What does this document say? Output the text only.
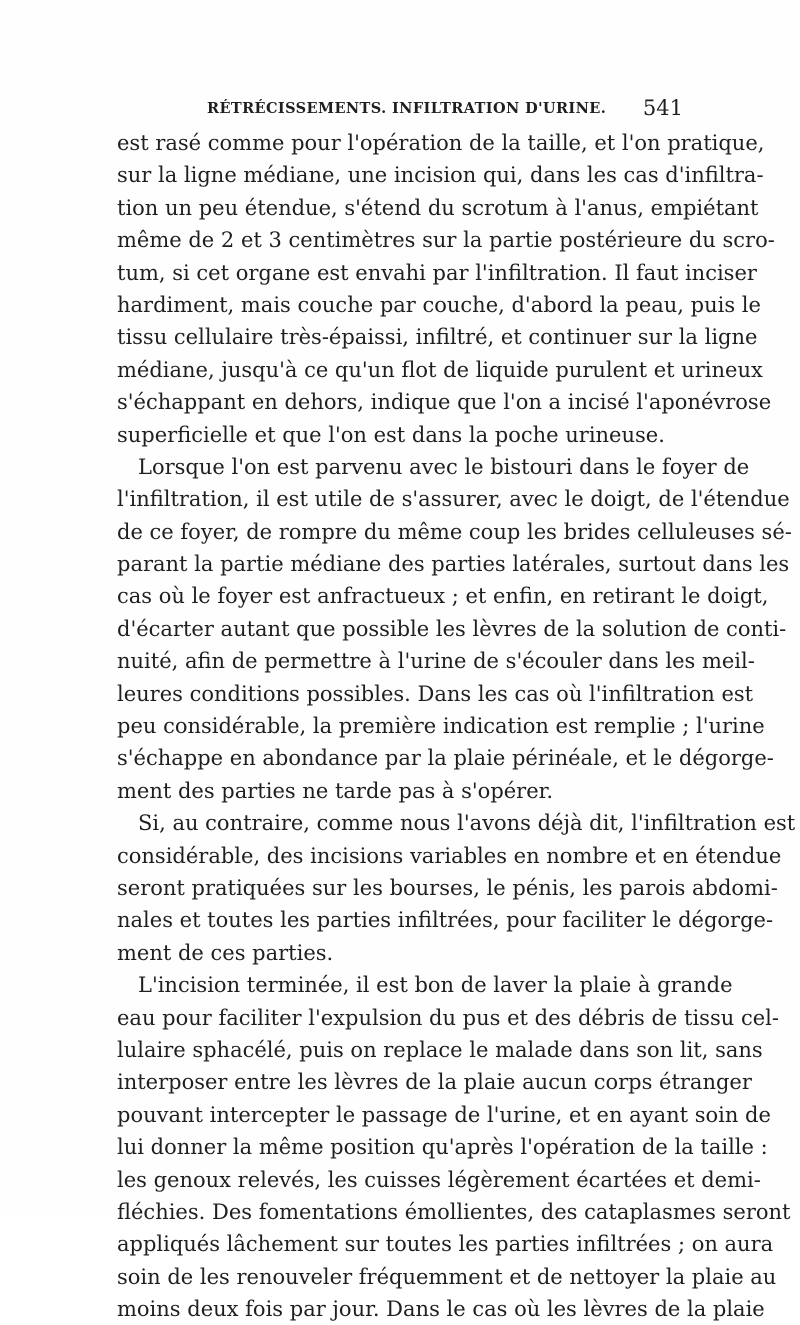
RÉTRÉCISSEMENTS. INFILTRATION D'URINE. 541
est rasé comme pour l'opération de la taille, et l'on pratique,
sur la ligne médiane, une incision qui, dans les cas d'infiltra-
tion un peu étendue, s'étend du scrotum à l'anus, empiétant
même de 2 et 3 centimètres sur la partie postérieure du scro-
tum, si cet organe est envahi par l'infiltration. Il faut inciser
hardiment, mais couche par couche, d'abord la peau, puis le
tissu cellulaire très-épaissi, infiltré, et continuer sur la ligne
médiane, jusqu'à ce qu'un flot de liquide purulent et urineux
s'échappant en dehors, indique que l'on a incisé l'aponévrose
superficielle et que l'on est dans la poche urineuse.
Lorsque l'on est parvenu avec le bistouri dans le foyer de
l'infiltration, il est utile de s'assurer, avec le doigt, de l'étendue
de ce foyer, de rompre du même coup les brides celluleuses sé-
parant la partie médiane des parties latérales, surtout dans les
cas où le foyer est anfractueux ; et enfin, en retirant le doigt,
d'écarter autant que possible les lèvres de la solution de conti-
nuité, afin de permettre à l'urine de s'écouler dans les meil-
leures conditions possibles. Dans les cas où l'infiltration est
peu considérable, la première indication est remplie ; l'urine
s'échappe en abondance par la plaie périnéale, et le dégorge-
ment des parties ne tarde pas à s'opérer.
Si, au contraire, comme nous l'avons déjà dit, l'infiltration est
considérable, des incisions variables en nombre et en étendue
seront pratiquées sur les bourses, le pénis, les parois abdomi-
nales et toutes les parties infiltrées, pour faciliter le dégorge-
ment de ces parties.
L'incision terminée, il est bon de laver la plaie à grande
eau pour faciliter l'expulsion du pus et des débris de tissu cel-
lulaire sphacélé, puis on replace le malade dans son lit, sans
interposer entre les lèvres de la plaie aucun corps étranger
pouvant intercepter le passage de l'urine, et en ayant soin de
lui donner la même position qu'après l'opération de la taille :
les genoux relevés, les cuisses légèrement écartées et demi-
fléchies. Des fomentations émollientes, des cataplasmes seront
appliqués lâchement sur toutes les parties infiltrées ; on aura
soin de les renouveler fréquemment et de nettoyer la plaie au
moins deux fois par jour. Dans le cas où les lèvres de la plaie
